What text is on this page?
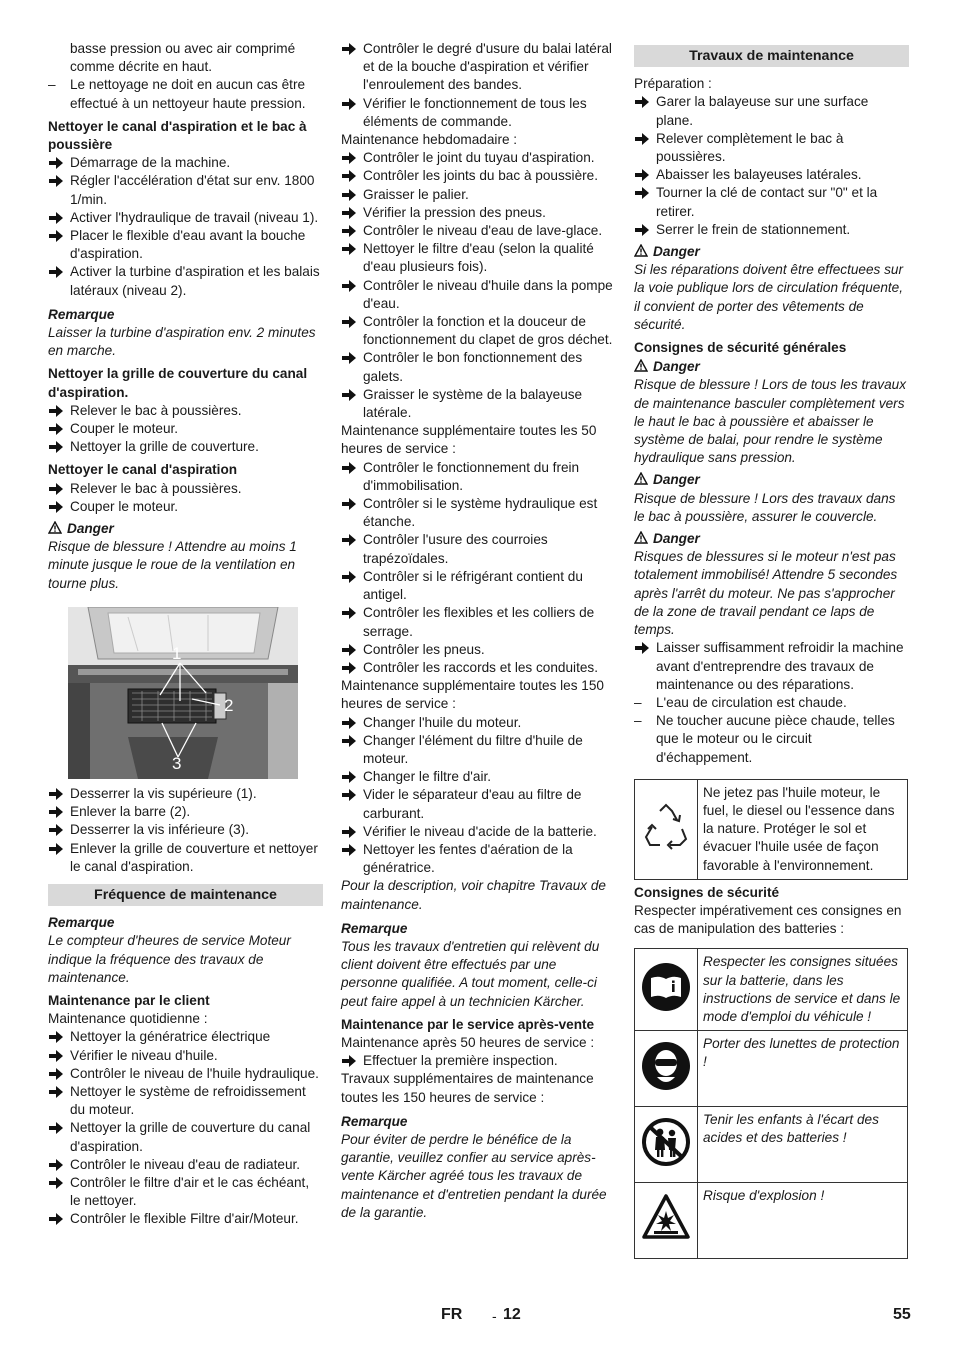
basse pression ou avec air comprimé comme décrite en haut.

– Le nettoyage ne doit en aucun cas être effectué à un nettoyeur haute pression.

Nettoyer le canal d'aspiration et le bac à poussière

Démarrage de la machine.
Régler l'accélération d'état sur env. 1800 1/min.
Activer l'hydraulique de travail (niveau 1).
Placer le flexible d'eau avant la bouche d'aspiration.
Activer la turbine d'aspiration et les balais latéraux (niveau 2).

Remarque

Laisser la turbine d'aspiration env. 2 minutes en marche.

Nettoyer la grille de couverture du canal d'aspiration.

Relever le bac à poussières.
Couper le moteur.
Nettoyer la grille de couverture.

Nettoyer le canal d'aspiration

Relever le bac à poussières.
Couper le moteur.

Danger

Risque de blessure ! Attendre au moins 1 minute jusque le roue de la ventilation en tourne plus.

1
2
3
Desserrer la vis supérieure (1).
Enlever la barre (2).
Desserrer la vis inférieure (3).
Enlever la grille de couverture et nettoyer le canal d'aspiration.
Fréquence de maintenance

Remarque

Le compteur d'heures de service Moteur indique la fréquence des travaux de maintenance.

Maintenance par le client

Maintenance quotidienne :

Nettoyer la génératrice électrique
Vérifier le niveau d'huile.
Contrôler le niveau de l'huile hydraulique.
Nettoyer le système de refroidissement du moteur.
Nettoyer la grille de couverture du canal d'aspiration.
Contrôler le niveau d'eau de radiateur.
Contrôler le filtre d'air et le cas échéant, le nettoyer.
Contrôler le flexible Filtre d'air/Moteur.
Contrôler le degré d'usure du balai latéral et de la bouche d'aspiration et vérifier l'enroulement des bandes.
Vérifier le fonctionnement de tous les éléments de commande.

Maintenance hebdomadaire :

Contrôler le joint du tuyau d'aspiration.
Contrôler les joints du bac à poussière.
Graisser le palier.
Vérifier la pression des pneus.
Contrôler le niveau d'eau de lave-glace.
Nettoyer le filtre d'eau (selon la qualité d'eau plusieurs fois).
Contrôler le niveau d'huile dans la pompe d'eau.
Contrôler la fonction et la douceur de fonctionnement du clapet de gros déchet.
Contrôler le bon fonctionnement des galets.
Graisser le système de la balayeuse latérale.

Maintenance supplémentaire toutes les 50 heures de service :

Contrôler le fonctionnement du frein d'immobilisation.
Contrôler si le système hydraulique est étanche.
Contrôler l'usure des courroies trapézoïdales.
Contrôler si le réfrigérant contient du antigel.
Contrôler les flexibles et les colliers de serrage.
Contrôler les pneus.
Contrôler les raccords et les conduites.

Maintenance supplémentaire toutes les 150 heures de service :

Changer l'huile du moteur.
Changer l'élément du filtre d'huile de moteur.
Changer le filtre d'air.
Vider le séparateur d'eau au filtre de carburant.
Vérifier le niveau d'acide de la batterie.
Nettoyer les fentes d'aération de la génératrice.

Pour la description, voir chapitre Travaux de maintenance.

Remarque

Tous les travaux d'entretien qui relèvent du client doivent être effectués par une personne qualifiée. A tout moment, celle-ci peut faire appel à un technicien Kärcher.

Maintenance par le service après-vente

Maintenance après 50 heures de service :

Effectuer la première inspection.

Travaux supplémentaires de maintenance toutes les 150 heures de service :

Remarque

Pour éviter de perdre le bénéfice de la garantie, veuillez confier au service après-vente Kärcher agréé tous les travaux de maintenance et d'entretien pendant la durée de la garantie.

Travaux de maintenance

Préparation :

Garer la balayeuse sur une surface plane.
Relever complètement le bac à poussières.
Abaisser les balayeuses latérales.
Tourner la clé de contact sur "0" et la retirer.
Serrer le frein de stationnement.

Danger

Si les réparations doivent être effectuees sur la voie publique lors de circulation fréquente, il convient de porter des vêtements de sécurité.

Consignes de sécurité générales

Danger

Risque de blessure ! Lors de tous les travaux de maintenance basculer complètement vers le haut le bac à poussière et abaisser le système de balai, pour rendre le système hydraulique sans pression.

Danger

Risque de blessure ! Lors des travaux dans le bac à poussière, assurer le couvercle.

Danger

Risques de blessures si le moteur n'est pas totalement immobilisé! Attendre 5 secondes après l'arrêt du moteur. Ne pas s'approcher de la zone de travail pendant ce laps de temps.

Laisser suffisamment refroidir la machine avant d'entreprendre des travaux de maintenance ou des réparations.
– L'eau de circulation est chaude.
– Ne toucher aucune pièce chaude, telles que le moteur ou le circuit d'échappement.
	Ne jetez pas l'huile moteur, le fuel, le diesel ou l'essence dans la nature. Protéger le sol et évacuer l'huile usée de façon favorable à l'environnement.

Consignes de sécurité

Respecter impérativement ces consignes en cas de manipulation des batteries :

	Respecter les consignes situées sur la batterie, dans les instructions de service et dans le mode d'emploi du véhicule !
	Porter des lunettes de protection !
	Tenir les enfants à l'écart des acides et des batteries !
	Risque d'explosion !
FR - 12	55
